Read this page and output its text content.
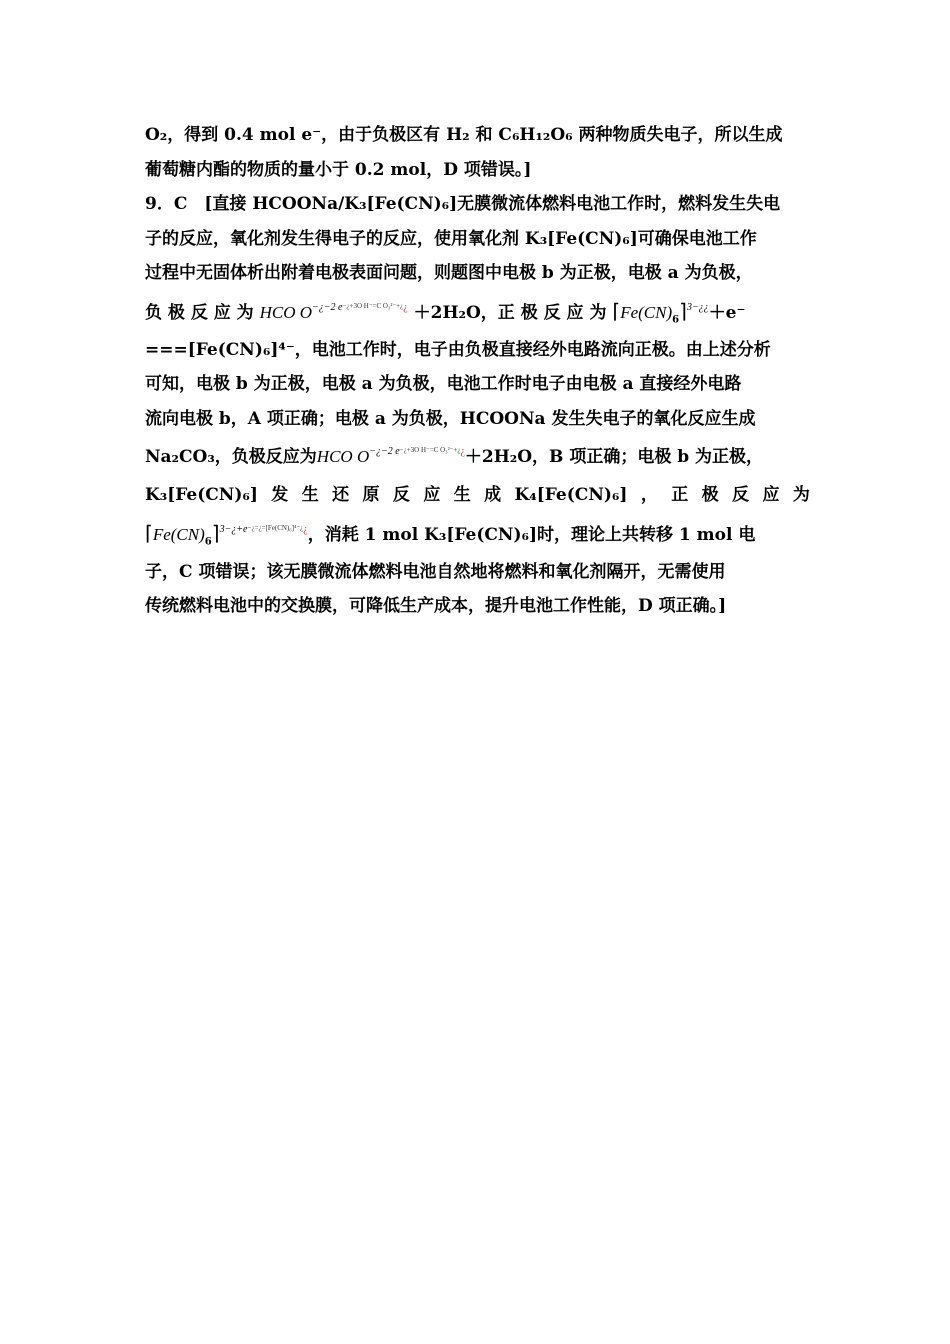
O₂，得到 0.4 mol e⁻，由于负极区有 H₂ 和 C₆H₁₂O₆ 两种物质失电子，所以生成
葡萄糖内酯的物质的量小于 0.2 mol，D 项错误。]
9．C　[直接 HCOONa/K₃[Fe(CN)₆]无膜微流体燃料电池工作时，燃料发生失电
子的反应，氧化剂发生得电子的反应，使用氧化剂 K₃[Fe(CN)₆]可确保电池工作
过程中无固体析出附着电极表面问题，则题图中电极 b 为正极，电极 a 为负极，
负 极 反 应 为 HCO $O^{-¿-2 e-¿+3O H^-=C O_3^{2-}+¿¿} +2H_2O$，正 极 反 应 为 $⌈Fe(CN)_6⌉^{3-¿¿}+e^-$
===[Fe(CN)₆]⁴⁻，电池工作时，电子由负极直接经外电路流向正极。由上述分析
可知，电极 b 为正极，电极 a 为负极，电池工作时电子由电极 a 直接经外电路
流向电极 b，A 项正确；电极 a 为负极，HCOONa 发生失电子的氧化反应生成
Na₂CO₃，负极反应为HCO $O^{-¿-2 e-¿+3O H^-=C O_3^{2-}+¿¿}+2H_2O$，B 项正确；电极 b 为正极，
K₃[Fe(CN)₆] 发 生 还 原 反 应 生 成 K₄[Fe(CN)₆] ， 正 极 反 应 为
$⌈Fe(CN)_6⌉^{3-¿+e-¿=¿=[Fe(CN)_6]^{4-}¿¿}$，消耗 1 mol K₃[Fe(CN)₆]时，理论上共转移 1 mol 电
子，C 项错误；该无膜微流体燃料电池自然地将燃料和氧化剂隔开，无需使用
传统燃料电池中的交换膜，可降低生产成本，提升电池工作性能，D 项正确。]
